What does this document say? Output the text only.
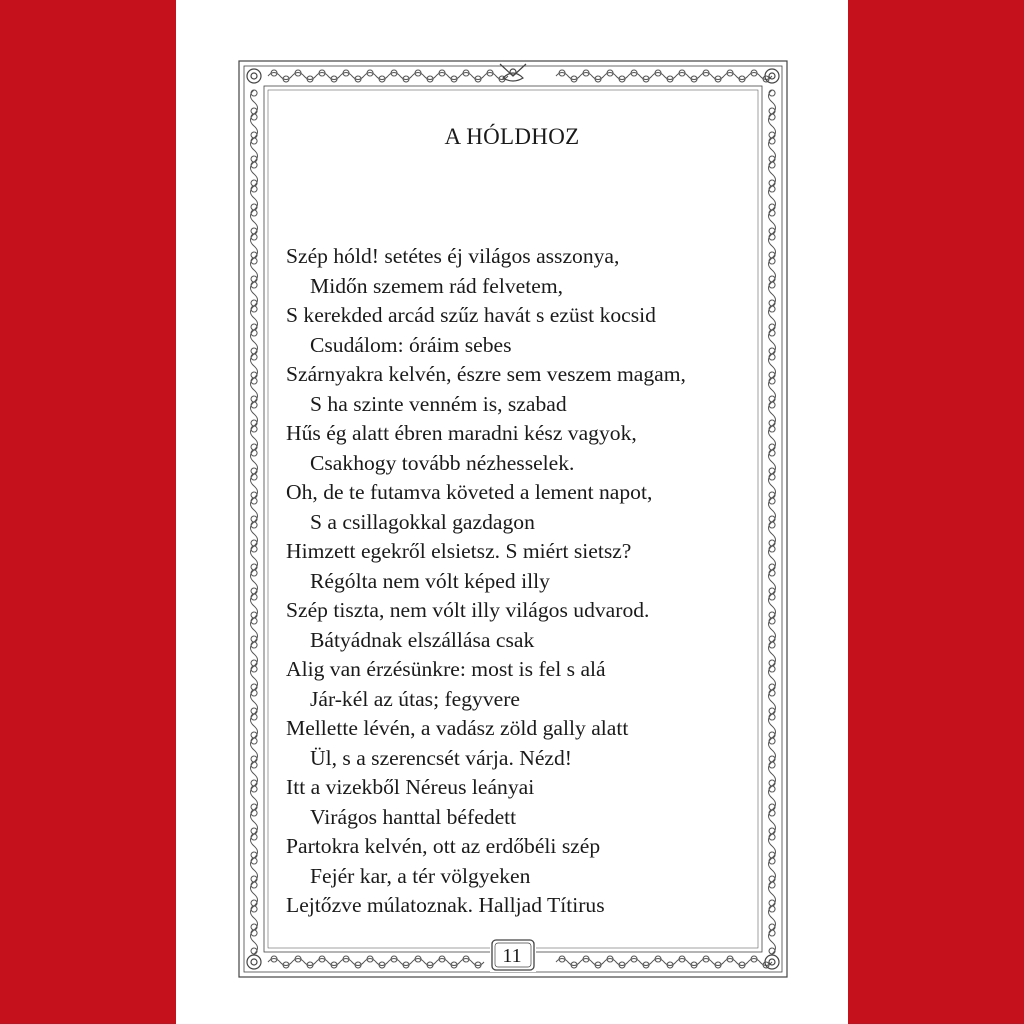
A HÓLDHOZ
Szép hóld! setétes éj világos asszonya,
Midőn szemem rád felvetem,
S kerekded arcád szűz havát s ezüst kocsid
Csudálom: óráim sebes
Szárnyakra kelvén, észre sem veszem magam,
S ha szinte venném is, szabad
Hűs ég alatt ébren maradni kész vagyok,
Csakhogy tovább nézhesselek.
Oh, de te futamva követed a lement napot,
S a csillagokkal gazdagon
Himzett egekről elsietsz. S miért sietsz?
Régólta nem vólt képed illy
Szép tiszta, nem vólt illy világos udvarod.
Bátyádnak elszállása csak
Alig van érzésünkre: most is fel s alá
Jár-kél az útas; fegyvere
Mellette lévén, a vadász zöld gally alatt
Ül, s a szerencsét várja. Nézd!
Itt a vizekből Néreus leányai
Virágos hanttal béfedett
Partokra kelvén, ott az erdőbéli szép
Fejér kar, a tér völgyeken
Lejtőzve múlatoznak. Halljad Títirus
11
